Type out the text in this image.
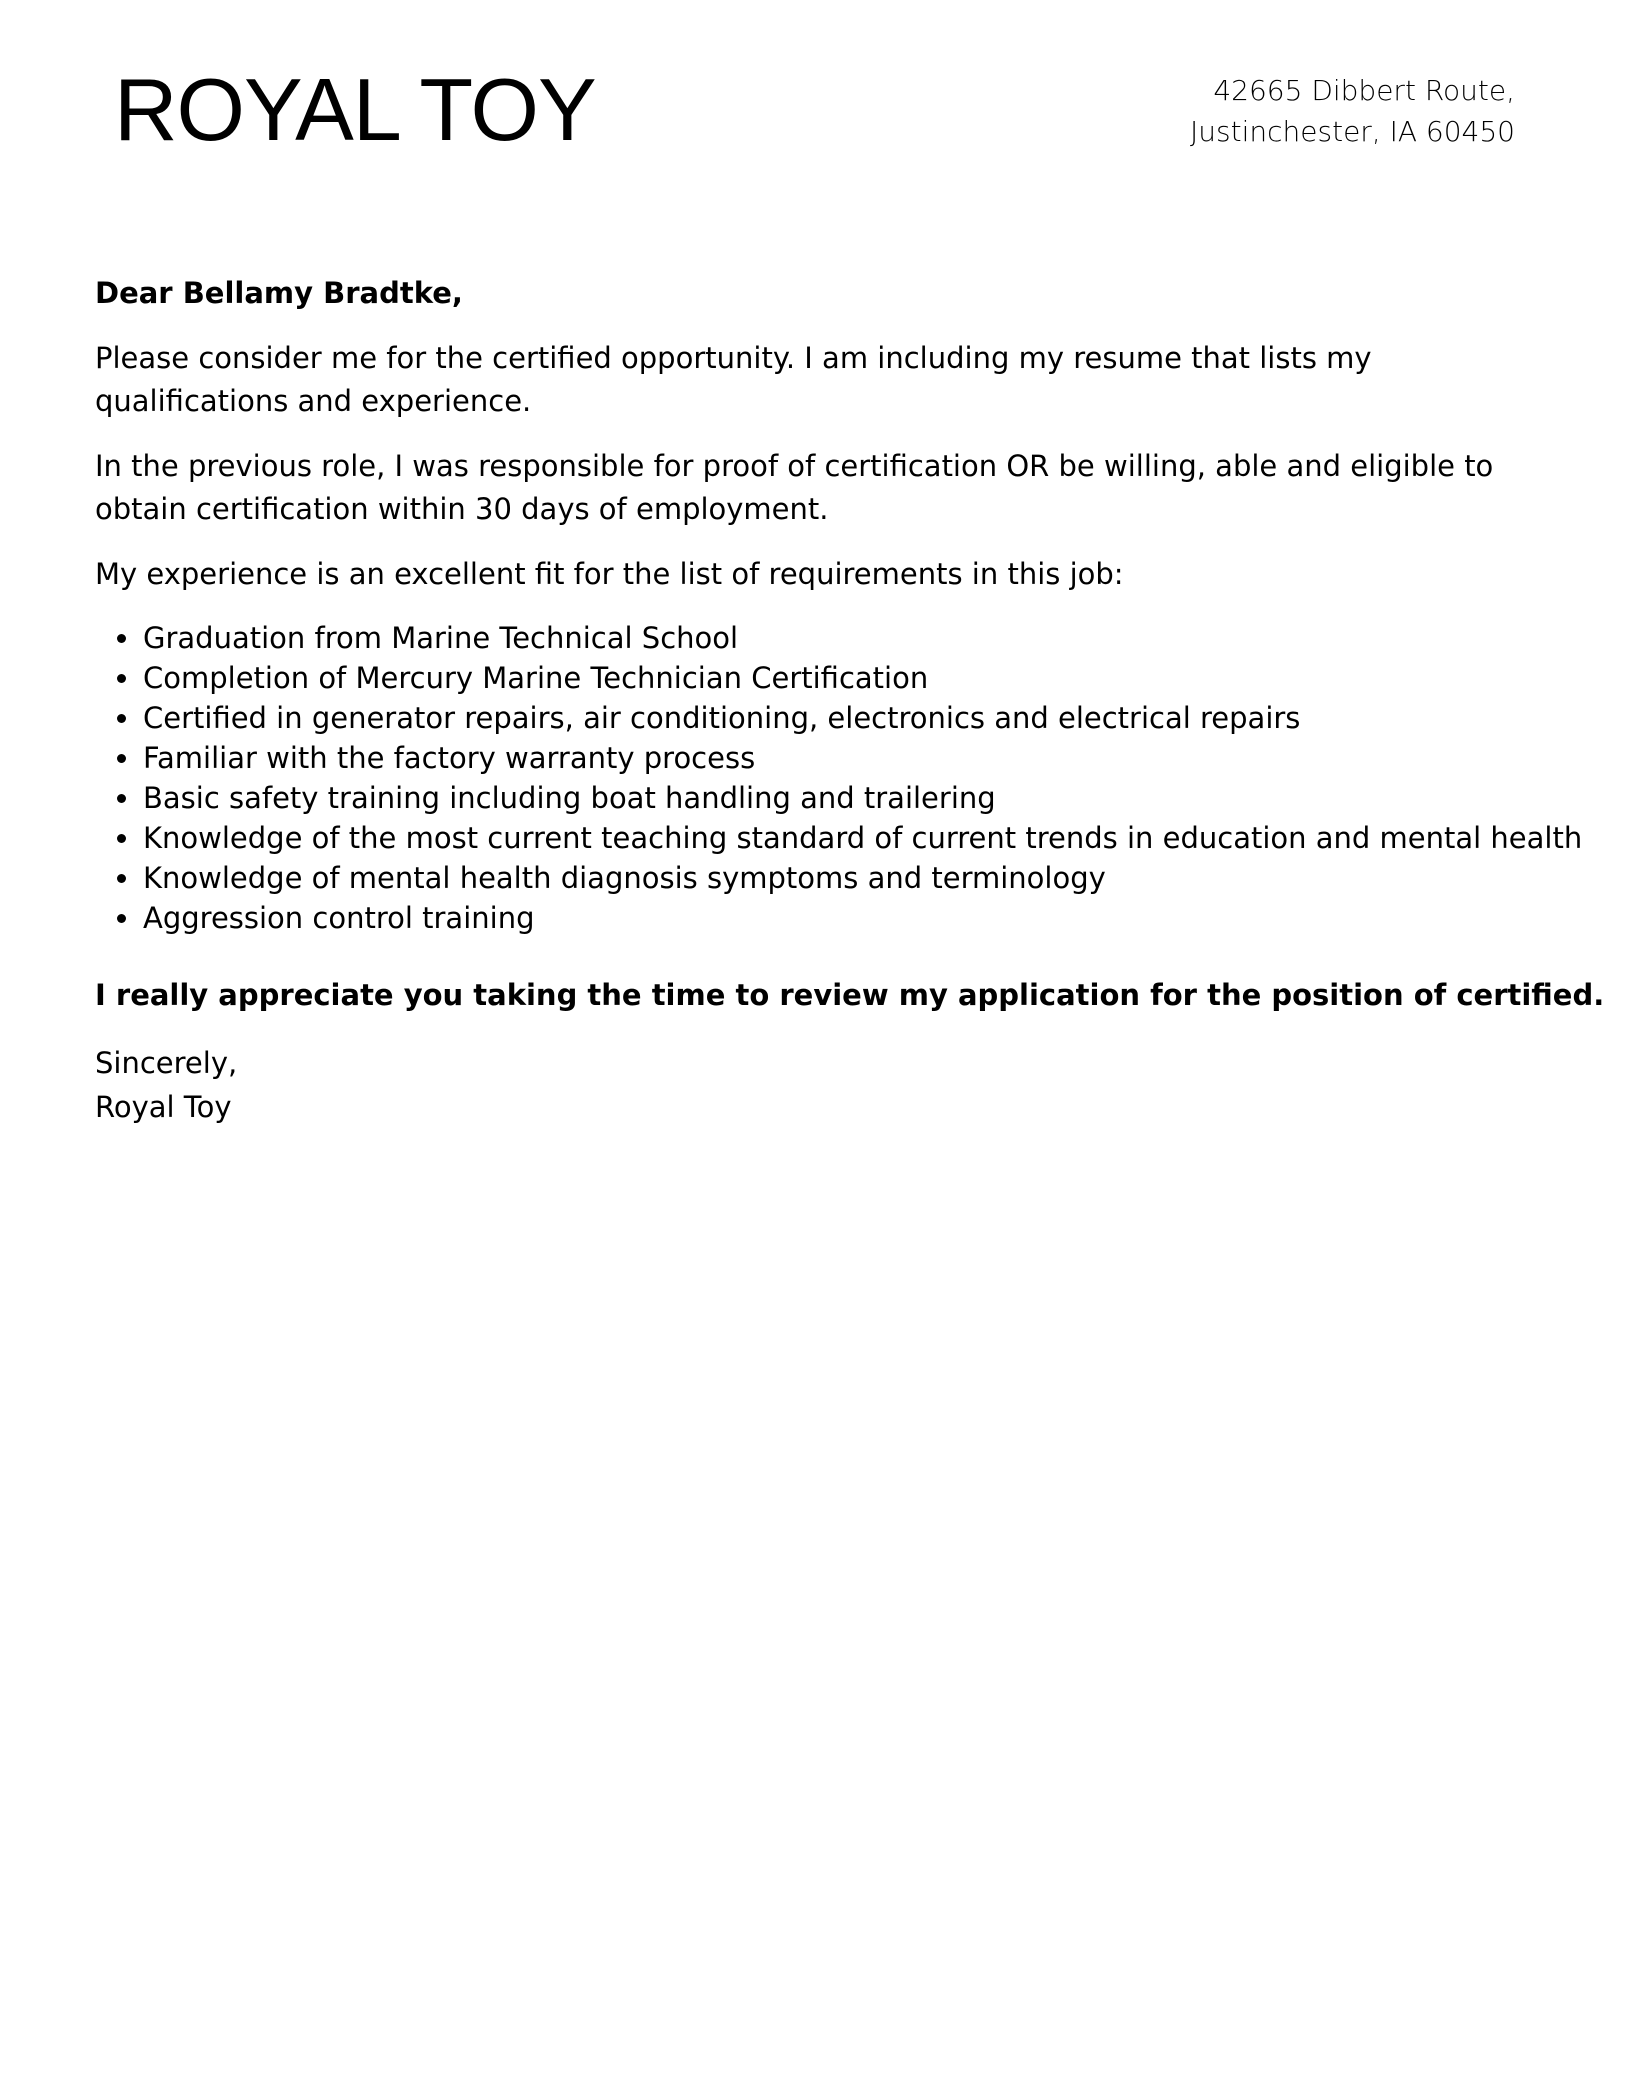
ROYAL TOY	42665 Dibbert Route,
Justinchester, IA 60450
Dear Bellamy Bradtke,

Please consider me for the certified opportunity. I am including my resume that lists my qualifications and experience.

In the previous role, I was responsible for proof of certification OR be willing, able and eligible to obtain certification within 30 days of employment.

My experience is an excellent fit for the list of requirements in this job:

Graduation from Marine Technical School
Completion of Mercury Marine Technician Certification
Certified in generator repairs, air conditioning, electronics and electrical repairs
Familiar with the factory warranty process
Basic safety training including boat handling and trailering
Knowledge of the most current teaching standard of current trends in education and mental health
Knowledge of mental health diagnosis symptoms and terminology
Aggression control training
I really appreciate you taking the time to review my application for the position of certified.
Sincerely,
Royal Toy
